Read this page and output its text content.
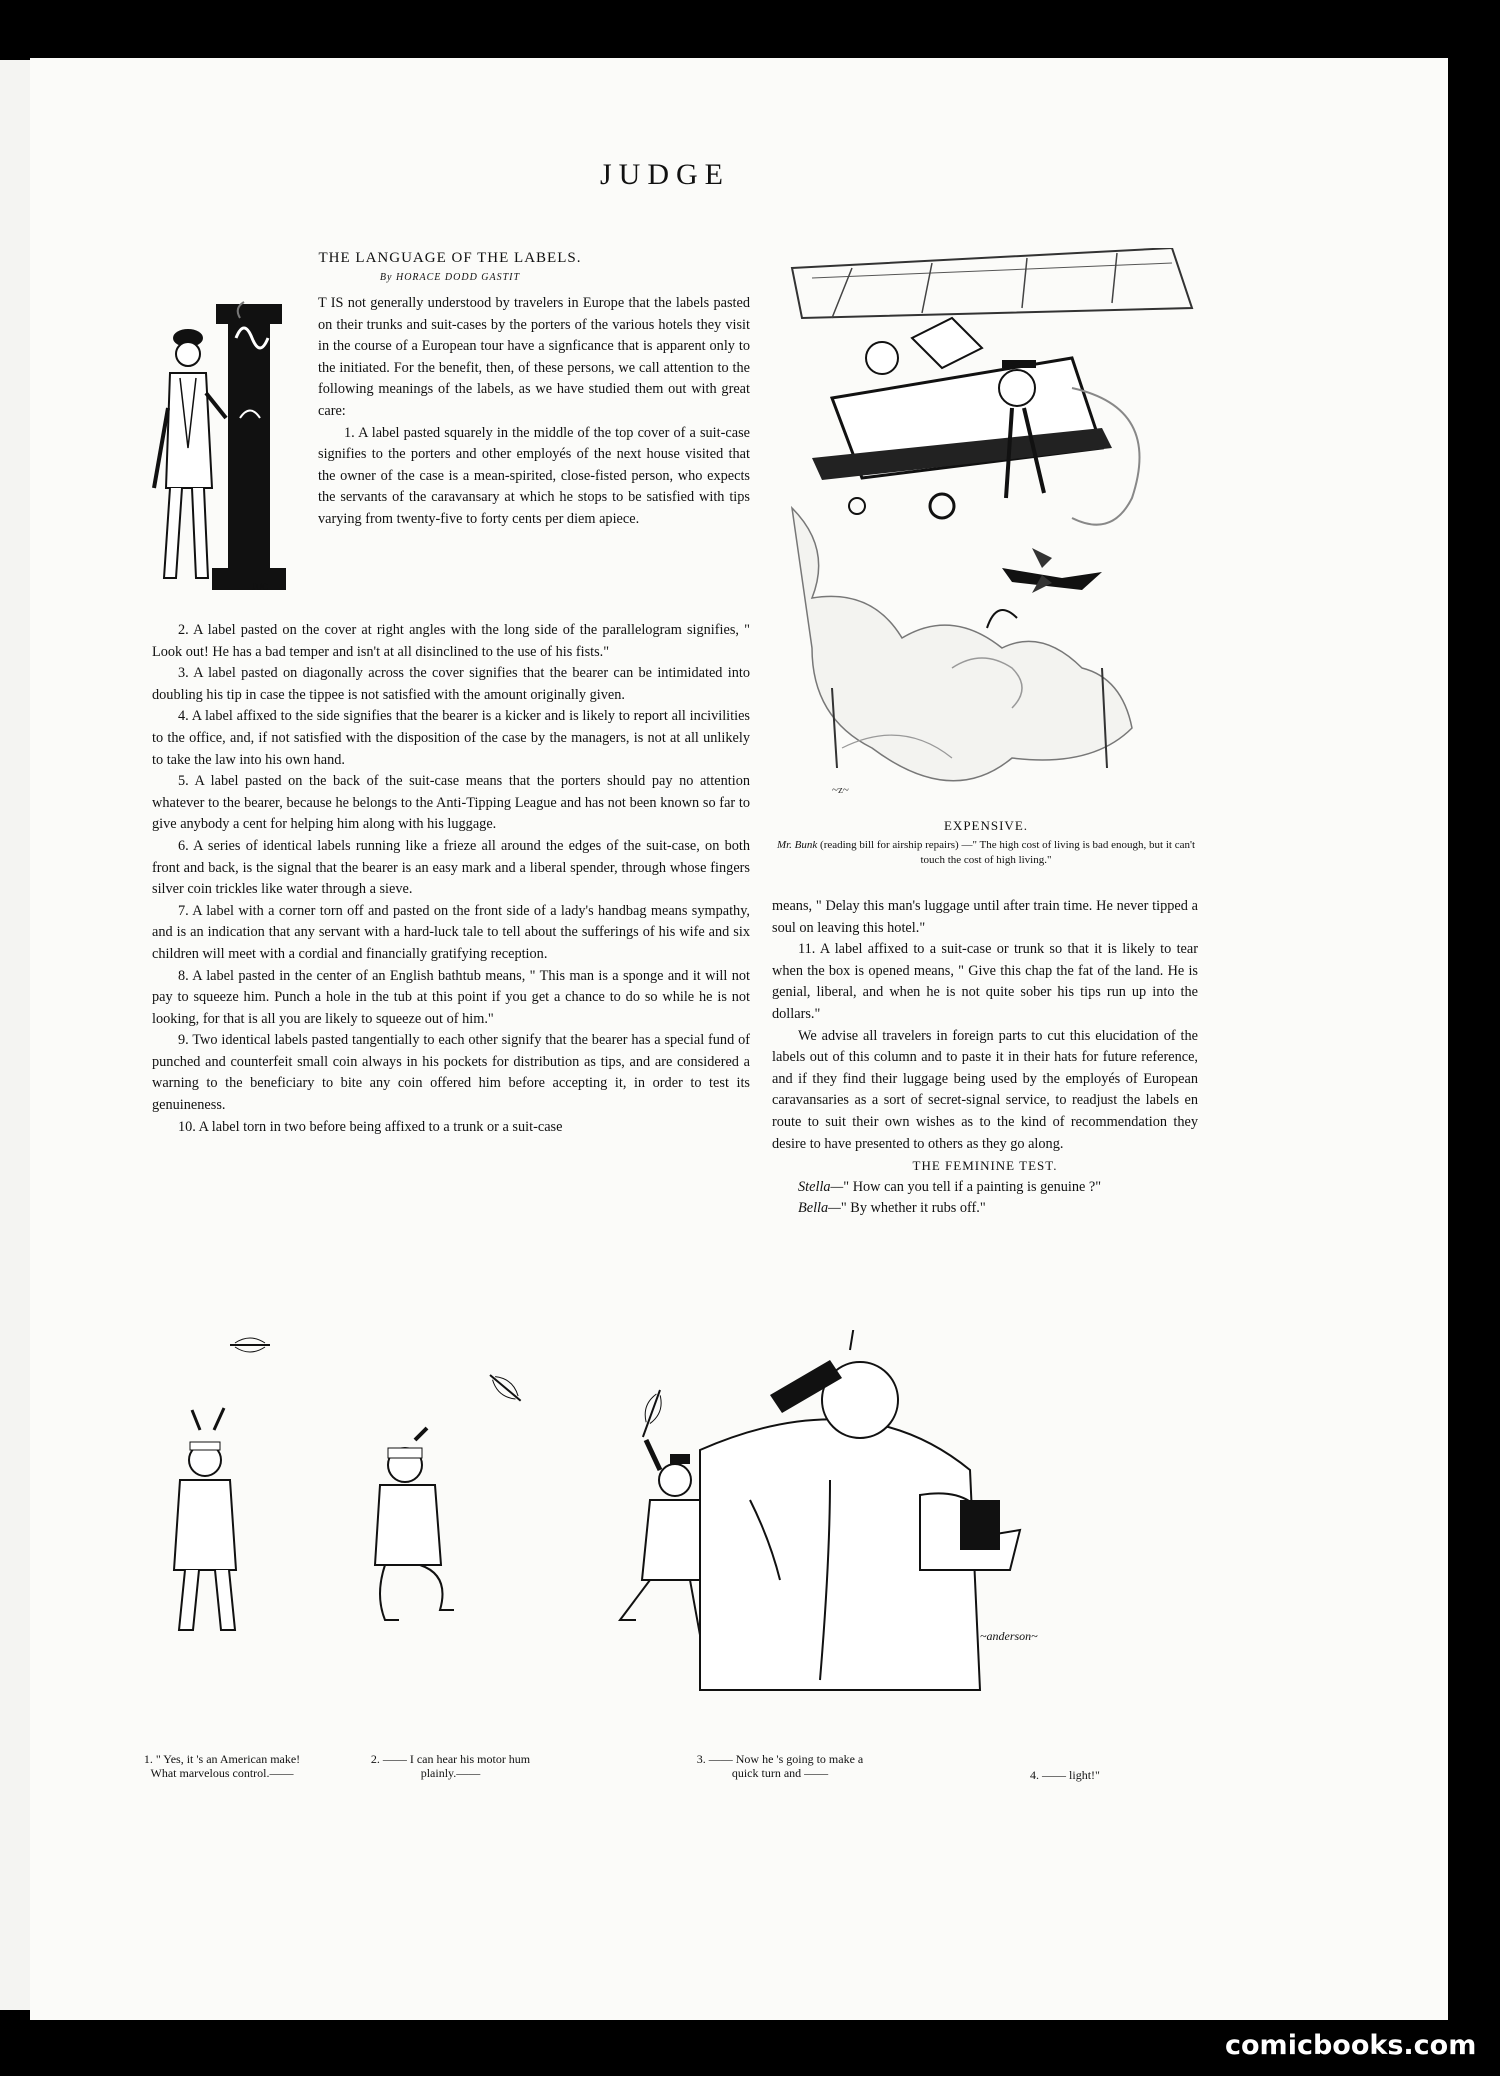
JUDGE
THE LANGUAGE OF THE LABELS.
By HORACE DODD GASTIT
JUC

T IS not generally understood by travelers in Europe that the labels pasted on their trunks and suit-cases by the porters of the various hotels they visit in the course of a European tour have a signficance that is apparent only to the initiated. For the benefit, then, of these persons, we call attention to the following meanings of the labels, as we have studied them out with great care:

1. A label pasted squarely in the middle of the top cover of a suit-case signifies to the porters and other employés of the next house visited that the owner of the case is a mean-spirited, close-fisted person, who expects the servants of the caravansary at which he stops to be satisfied with tips varying from twenty-five to forty cents per diem apiece.

2. A label pasted on the cover at right angles with the long side of the parallelogram signifies, " Look out! He has a bad temper and isn't at all disinclined to the use of his fists."

3. A label pasted on diagonally across the cover signifies that the bearer can be intimidated into doubling his tip in case the tippee is not satisfied with the amount originally given.

4. A label affixed to the side signifies that the bearer is a kicker and is likely to report all incivilities to the office, and, if not satisfied with the disposition of the case by the managers, is not at all unlikely to take the law into his own hand.

5. A label pasted on the back of the suit-case means that the porters should pay no attention whatever to the bearer, because he belongs to the Anti-Tipping League and has not been known so far to give anybody a cent for helping him along with his luggage.

6. A series of identical labels running like a frieze all around the edges of the suit-case, on both front and back, is the signal that the bearer is an easy mark and a liberal spender, through whose fingers silver coin trickles like water through a sieve.

7. A label with a corner torn off and pasted on the front side of a lady's handbag means sympathy, and is an indication that any servant with a hard-luck tale to tell about the sufferings of his wife and six children will meet with a cordial and financially gratifying reception.

8. A label pasted in the center of an English bathtub means, " This man is a sponge and it will not pay to squeeze him. Punch a hole in the tub at this point if you get a chance to do so while he is not looking, for that is all you are likely to squeeze out of him."

9. Two identical labels pasted tangentially to each other signify that the bearer has a special fund of punched and counterfeit small coin always in his pockets for distribution as tips, and are considered a warning to the beneficiary to bite any coin offered him before accepting it, in order to test its genuineness.

10. A label torn in two before being affixed to a trunk or a suit-case

~z~
EXPENSIVE.
Mr. Bunk (reading bill for airship repairs) —" The high cost of living is bad enough, but it can't touch the cost of high living."

means, " Delay this man's luggage until after train time. He never tipped a soul on leaving this hotel."

11. A label affixed to a suit-case or trunk so that it is likely to tear when the box is opened means, " Give this chap the fat of the land. He is genial, liberal, and when he is not quite sober his tips run up into the dollars."

We advise all travelers in foreign parts to cut this elucidation of the labels out of this column and to paste it in their hats for future reference, and if they find their luggage being used by the employés of European caravansaries as a sort of secret-signal service, to readjust the labels en route to suit their own wishes as to the kind of recommendation they desire to have presented to others as they go along.

THE FEMININE TEST.

Stella—" How can you tell if a painting is genuine ?"

Bella—" By whether it rubs off."

~anderson~
1. " Yes, it 's an American make! What marvelous control.——
2. —— I can hear his motor hum plainly.——
3. —— Now he 's going to make a quick turn and ——	4. —— light!"
comicbooks.com
